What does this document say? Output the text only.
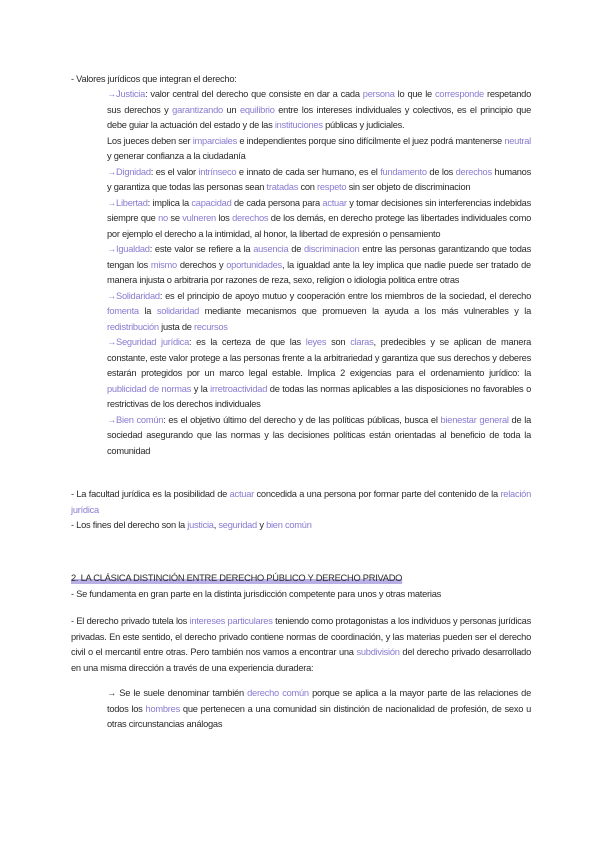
- Valores jurídicos que integran el derecho:

→Justicia: valor central del derecho que consiste en dar a cada persona lo que le corresponde respetando sus derechos y garantizando un equilibrio entre los intereses individuales y colectivos, es el principio que debe guiar la actuación del estado y de las instituciones públicas y judiciales.
Los jueces deben ser imparciales e independientes porque sino difícilmente el juez podrá mantenerse neutral y generar confianza a la ciudadanía
→Dignidad: es el valor intrínseco e innato de cada ser humano, es el fundamento de los derechos humanos y garantiza que todas las personas sean tratadas con respeto sin ser objeto de discriminacion
→Libertad: implica la capacidad de cada persona para actuar y tomar decisiones sin interferencias indebidas siempre que no se vulneren los derechos de los demás, en derecho protege las libertades individuales como por ejemplo el derecho a la intimidad, al honor, la libertad de expresión o pensamiento
→Igualdad: este valor se refiere a la ausencia de discriminacion entre las personas garantizando que todas tengan los mismo derechos y oportunidades, la igualdad ante la ley implica que nadie puede ser tratado de manera injusta o arbitraria por razones de reza, sexo, religion o idiologia politica entre otras
→Solidaridad: es el principio de apoyo mutuo y cooperación entre los miembros de la sociedad, el derecho fomenta la solidaridad mediante mecanismos que promueven la ayuda a los más vulnerables y la redistribución justa de recursos
→Seguridad jurídica: es la certeza de que las leyes son claras, predecibles y se aplican de manera constante, este valor protege a las personas frente a la arbitrariedad y garantiza que sus derechos y deberes estarán protegidos por un marco legal estable. Implica 2 exigencias para el ordenamiento jurídico: la publicidad de normas y la irretroactividad de todas las normas aplicables a las disposiciones no favorables o restrictivas de los derechos individuales
→Bien común: es el objetivo último del derecho y de las políticas públicas, busca el bienestar general de la sociedad asegurando que las normas y las decisiones políticas están orientadas al beneficio de toda la comunidad

- La facultad jurídica es la posibilidad de actuar concedida a una persona por formar parte del contenido de la relación jurídica
- Los fines del derecho son la justicia, seguridad y bien común

2. LA CLÁSICA DISTINCIÓN ENTRE DERECHO PÚBLICO Y DERECHO PRIVADO
- Se fundamenta en gran parte en la distinta jurisdicción competente para unos y otras materias

- El derecho privado tutela los intereses particulares teniendo como protagonistas a los individuos y personas jurídicas privadas. En este sentido, el derecho privado contiene normas de coordinación, y las materias pueden ser el derecho civil o el mercantil entre otras. Pero también nos vamos a encontrar una subdivisión del derecho privado desarrollado en una misma dirección a través de una experiencia duradera:

→ Se le suele denominar también derecho común porque se aplica a la mayor parte de las relaciones de todos los hombres que pertenecen a una comunidad sin distinción de nacionalidad de profesión, de sexo u otras circunstancias análogas
